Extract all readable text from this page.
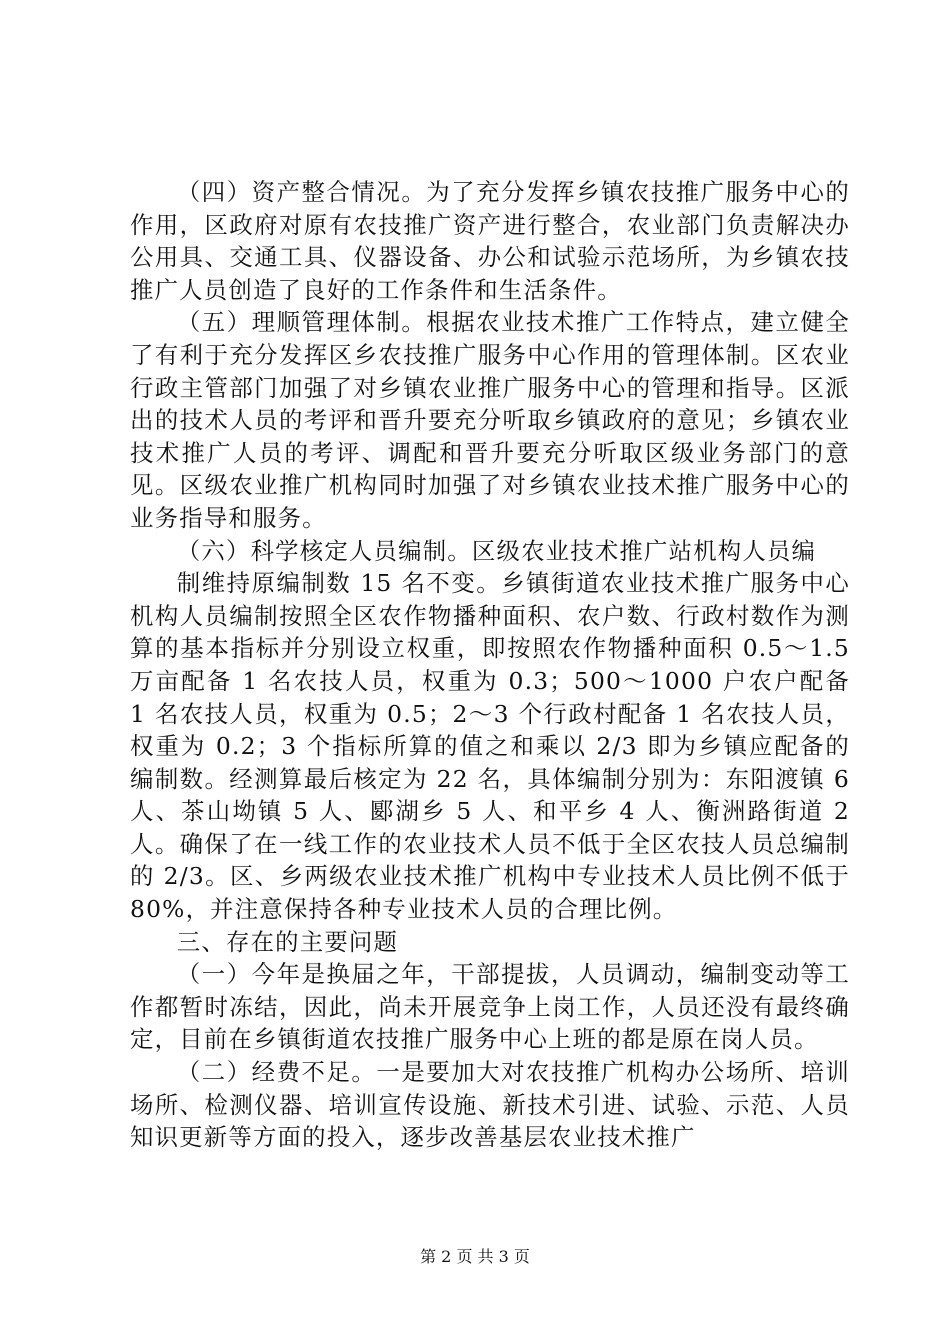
（四）资产整合情况。为了充分发挥乡镇农技推广服务中心的作用，区政府对原有农技推广资产进行整合，农业部门负责解决办公用具、交通工具、仪器设备、办公和试验示范场所，为乡镇农技推广人员创造了良好的工作条件和生活条件。

（五）理顺管理体制。根据农业技术推广工作特点，建立健全了有利于充分发挥区乡农技推广服务中心作用的管理体制。区农业行政主管部门加强了对乡镇农业推广服务中心的管理和指导。区派出的技术人员的考评和晋升要充分听取乡镇政府的意见；乡镇农业技术推广人员的考评、调配和晋升要充分听取区级业务部门的意见。区级农业推广机构同时加强了对乡镇农业技术推广服务中心的业务指导和服务。

（六）科学核定人员编制。区级农业技术推广站机构人员编

制维持原编制数 15 名不变。乡镇街道农业技术推广服务中心机构人员编制按照全区农作物播种面积、农户数、行政村数作为测算的基本指标并分别设立权重，即按照农作物播种面积 0.5～1.5 万亩配备 1 名农技人员，权重为 0.3；500～1000 户农户配备 1 名农技人员，权重为 0.5；2～3 个行政村配备 1 名农技人员，权重为 0.2；3 个指标所算的值之和乘以 2/3 即为乡镇应配备的编制数。经测算最后核定为 22 名，具体编制分别为：东阳渡镇 6 人、茶山坳镇 5 人、郾湖乡 5 人、和平乡 4 人、衡洲路街道 2 人。确保了在一线工作的农业技术人员不低于全区农技人员总编制的 2/3。区、乡两级农业技术推广机构中专业技术人员比例不低于 80%，并注意保持各种专业技术人员的合理比例。

三、存在的主要问题

（一）今年是换届之年，干部提拔，人员调动，编制变动等工作都暂时冻结，因此，尚未开展竞争上岗工作，人员还没有最终确定，目前在乡镇街道农技推广服务中心上班的都是原在岗人员。

（二）经费不足。一是要加大对农技推广机构办公场所、培训场所、检测仪器、培训宣传设施、新技术引进、试验、示范、人员知识更新等方面的投入，逐步改善基层农业技术推广

第 2 页 共 3 页
